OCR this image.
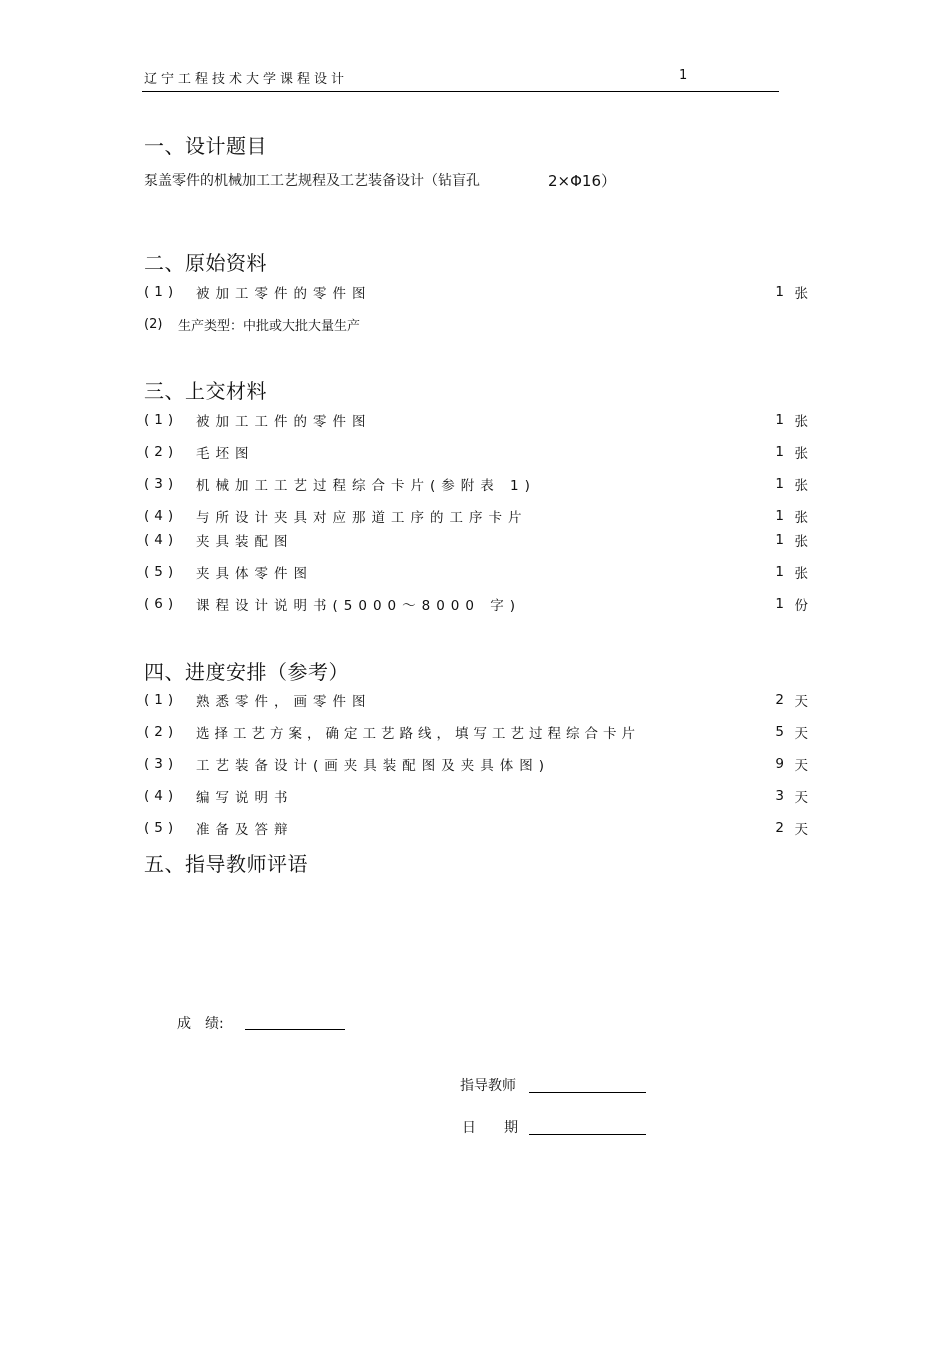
辽宁工程技术大学课程设计	1
一、设计题目
泵盖零件的机械加工工艺规程及工艺装备设计（钻盲孔	2×Φ16）
二、原始资料
(1)	被加工零件的零件图	1 张
(2)	生产类型：中批或大批大量生产
三、上交材料
(1)	被加工工件的零件图	1 张
(2)	毛坯图	1 张
(3)	机械加工工艺过程综合卡片(参附表 1)	1 张
(4)	与所设计夹具对应那道工序的工序卡片	1 张
(4)	夹具装配图	1 张
(5)	夹具体零件图	1 张
(6)	课程设计说明书(5000～8000 字)	1 份
四、进度安排（参考）
(1)	熟悉零件，画零件图	2 天
(2)	选择工艺方案，确定工艺路线，填写工艺过程综合卡片	5 天
(3)	工艺装备设计(画夹具装配图及夹具体图)	9 天
(4)	编写说明书	3 天
(5)	准备及答辩	2 天
五、指导教师评语
成　绩:
指导教师
日　　期
